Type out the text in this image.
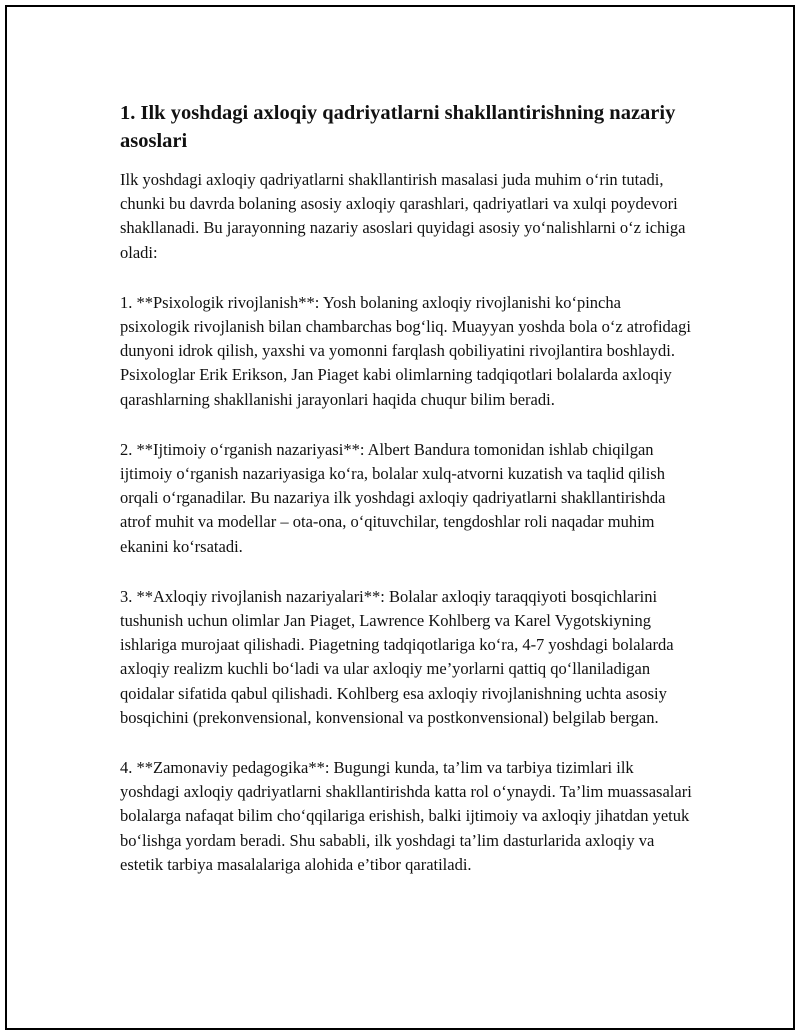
1. Ilk yoshdagi axloqiy qadriyatlarni shakllantirishning nazariy asoslari

Ilk yoshdagi axloqiy qadriyatlarni shakllantirish masalasi juda muhim o‘rin tutadi, chunki bu davrda bolaning asosiy axloqiy qarashlari, qadriyatlari va xulqi poydevori shakllanadi. Bu jarayonning nazariy asoslari quyidagi asosiy yo‘nalishlarni o‘z ichiga oladi:

1. **Psixologik rivojlanish**: Yosh bolaning axloqiy rivojlanishi ko‘pincha psixologik rivojlanish bilan chambarchas bog‘liq. Muayyan yoshda bola o‘z atrofidagi dunyoni idrok qilish, yaxshi va yomonni farqlash qobiliyatini rivojlantira boshlaydi. Psixologlar Erik Erikson, Jan Piaget kabi olimlarning tadqiqotlari bolalarda axloqiy qarashlarning shakllanishi jarayonlari haqida chuqur bilim beradi.

2. **Ijtimoiy o‘rganish nazariyasi**: Albert Bandura tomonidan ishlab chiqilgan ijtimoiy o‘rganish nazariyasiga ko‘ra, bolalar xulq-atvorni kuzatish va taqlid qilish orqali o‘rganadilar. Bu nazariya ilk yoshdagi axloqiy qadriyatlarni shakllantirishda atrof muhit va modellar – ota-ona, o‘qituvchilar, tengdoshlar roli naqadar muhim ekanini ko‘rsatadi.

3. **Axloqiy rivojlanish nazariyalari**: Bolalar axloqiy taraqqiyoti bosqichlarini tushunish uchun olimlar Jan Piaget, Lawrence Kohlberg va Karel Vygotskiyning ishlariga murojaat qilishadi. Piagetning tadqiqotlariga ko‘ra, 4-7 yoshdagi bolalarda axloqiy realizm kuchli bo‘ladi va ular axloqiy me’yorlarni qattiq qo‘llaniladigan qoidalar sifatida qabul qilishadi. Kohlberg esa axloqiy rivojlanishning uchta asosiy bosqichini (prekonvensional, konvensional va postkonvensional) belgilab bergan.

4. **Zamonaviy pedagogika**: Bugungi kunda, ta’lim va tarbiya tizimlari ilk yoshdagi axloqiy qadriyatlarni shakllantirishda katta rol o‘ynaydi. Ta’lim muassasalari bolalarga nafaqat bilim cho‘qqilariga erishish, balki ijtimoiy va axloqiy jihatdan yetuk bo‘lishga yordam beradi. Shu sababli, ilk yoshdagi ta’lim dasturlarida axloqiy va estetik tarbiya masalalariga alohida e’tibor qaratiladi.
